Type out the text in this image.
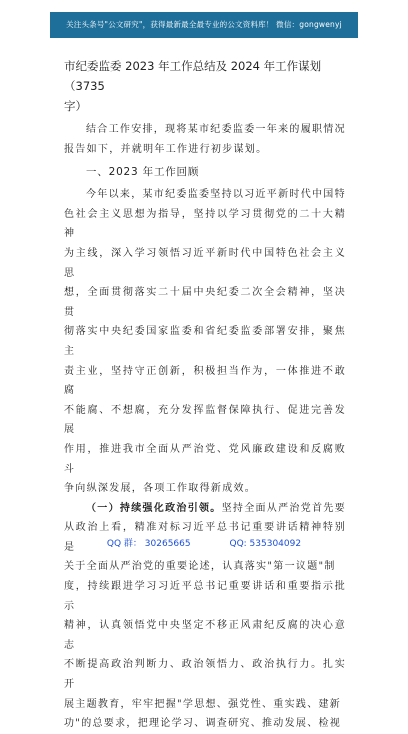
关注头条号"公文研究"，获得最新最全最专业的公文资料库！ 微信：gongwenyj
市纪委监委 2023 年工作总结及 2024 年工作谋划（3735
字）

结合工作安排，现将某市纪委监委一年来的履职情况
报告如下，并就明年工作进行初步谋划。

一、2023 年工作回顾

今年以来，某市纪委监委坚持以习近平新时代中国特
色社会主义思想为指导，坚持以学习贯彻党的二十大精神
为主线，深入学习领悟习近平新时代中国特色社会主义思
想，全面贯彻落实二十届中央纪委二次全会精神，坚决贯
彻落实中央纪委国家监委和省纪委监委部署安排，聚焦主
责主业，坚持守正创新，积极担当作为，一体推进不敢腐
不能腐、不想腐，充分发挥监督保障执行、促进完善发展
作用，推进我市全面从严治党、党风廉政建设和反腐败斗
争向纵深发展，各项工作取得新成效。

（一）持续强化政治引领。坚持全面从严治党首先要
从政治上看，精准对标习近平总书记重要讲话精神特别是
关于全面从严治党的重要论述，认真落实"第一议题"制
度，持续跟进学习习近平总书记重要讲话和重要指示批示
精神，认真领悟党中央坚定不移正风肃纪反腐的决心意志
不断提高政治判断力、政治领悟力、政治执行力。扎实开
展主题教育，牢牢把握"学思想、强党性、重实践、建新
功"的总要求，把理论学习、调查研究、推动发展、检视

QQ 群： 30265665	QQ: 535304092
